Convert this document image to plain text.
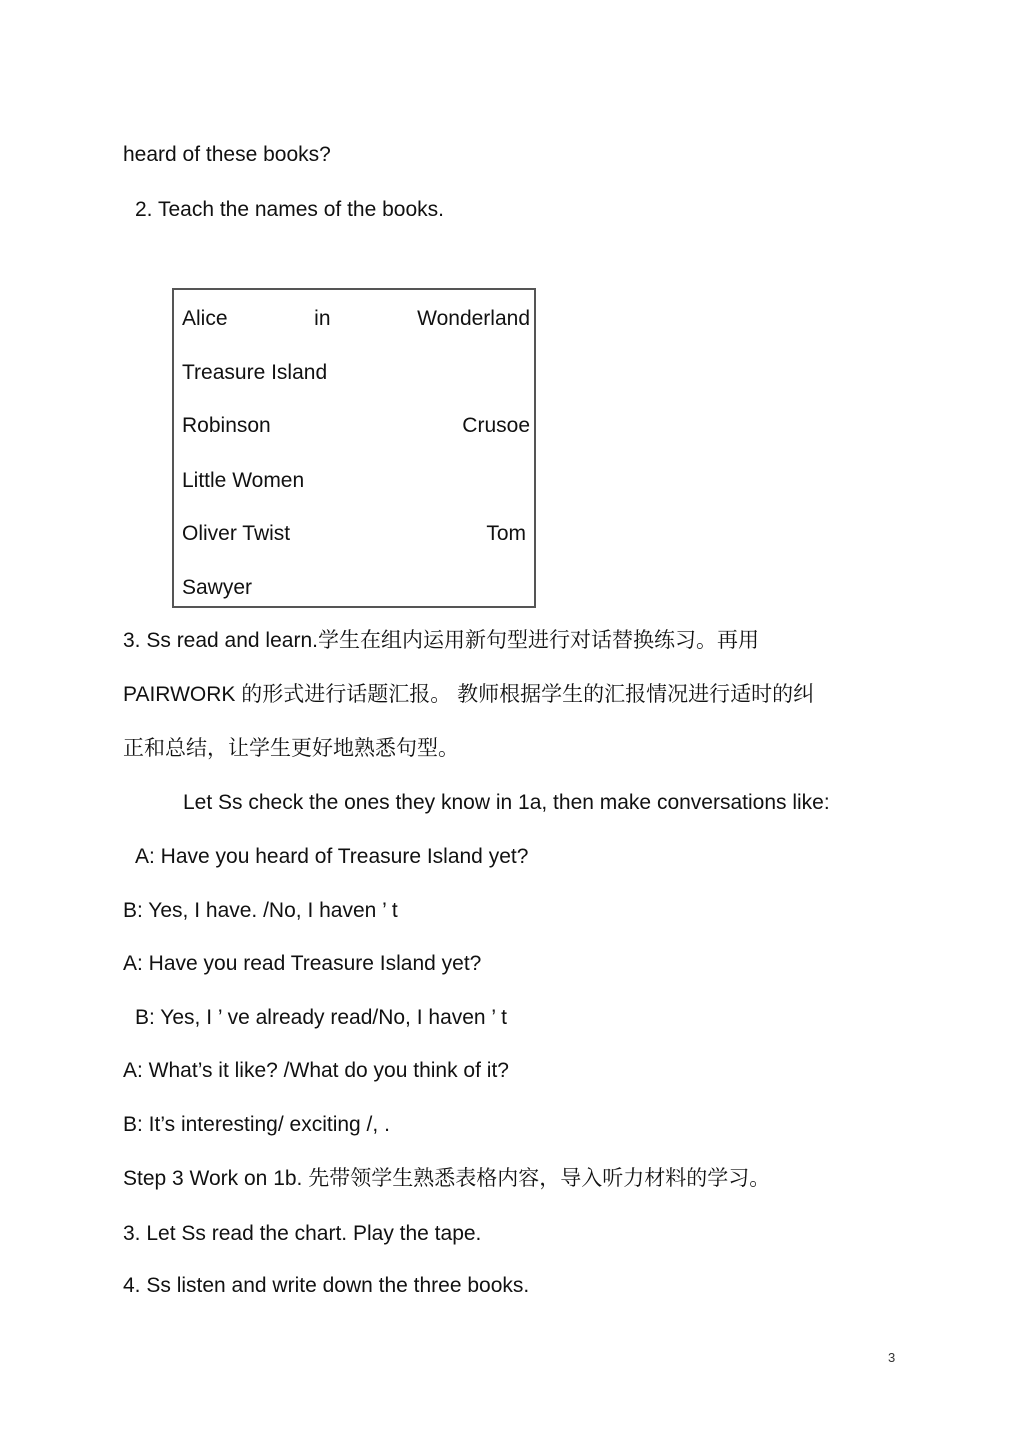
heard of these books?
2. Teach the names of the books.
Alice	in	Wonderland
Treasure Island
Robinson	Crusoe
Little Women
Oliver Twist	Tom
Sawyer
3. Ss read and learn.学生在组内运用新句型进行对话替换练习。再用
PAIRWORK 的形式进行话题汇报。 教师根据学生的汇报情况进行适时的纠
正和总结，让学生更好地熟悉句型。
Let Ss check the ones they know in 1a, then make conversations like:
A: Have you heard of Treasure Island yet?
B: Yes, I have. /No, I haven ’ t
A: Have you read Treasure Island yet?
B: Yes, I ’ ve already read/No, I haven ’ t
A: What’s it like? /What do you think of it?
B: It’s interesting/ exciting /, .
Step 3 Work on 1b. 先带领学生熟悉表格内容，导入听力材料的学习。
3. Let Ss read the chart. Play the tape.
4. Ss listen and write down the three books.
3
